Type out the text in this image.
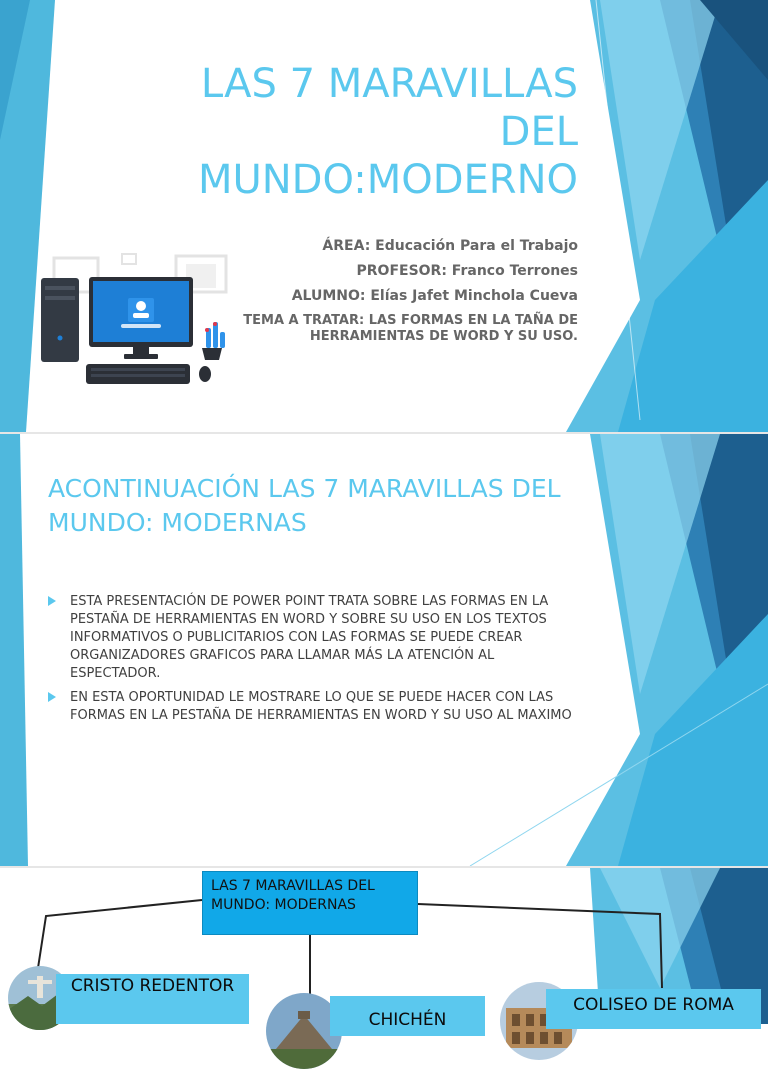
LAS 7 MARAVILLAS DEL MUNDO:MODERNO

ÁREA: Educación Para el Trabajo

PROFESOR: Franco Terrones

ALUMNO: Elías Jafet Minchola Cueva

TEMA A TRATAR: LAS FORMAS EN LA TAÑA DE HERRAMIENTAS DE WORD Y SU USO.

ACONTINUACIÓN LAS 7 MARAVILLAS DEL MUNDO: MODERNAS
ESTA PRESENTACIÓN DE POWER POINT TRATA SOBRE LAS FORMAS EN LA PESTAÑA DE HERRAMIENTAS EN WORD Y SOBRE SU USO EN LOS TEXTOS INFORMATIVOS O PUBLICITARIOS CON LAS FORMAS SE PUEDE CREAR ORGANIZADORES GRAFICOS PARA LLAMAR MÁS LA ATENCIÓN AL ESPECTADOR.
EN ESTA OPORTUNIDAD LE MOSTRARE LO QUE SE PUEDE HACER CON LAS FORMAS EN LA PESTAÑA DE HERRAMIENTAS EN WORD Y SU USO AL MAXIMO
LAS 7 MARAVILLAS DEL MUNDO: MODERNAS
CRISTO REDENTOR
CHICHÉN
COLISEO DE ROMA
